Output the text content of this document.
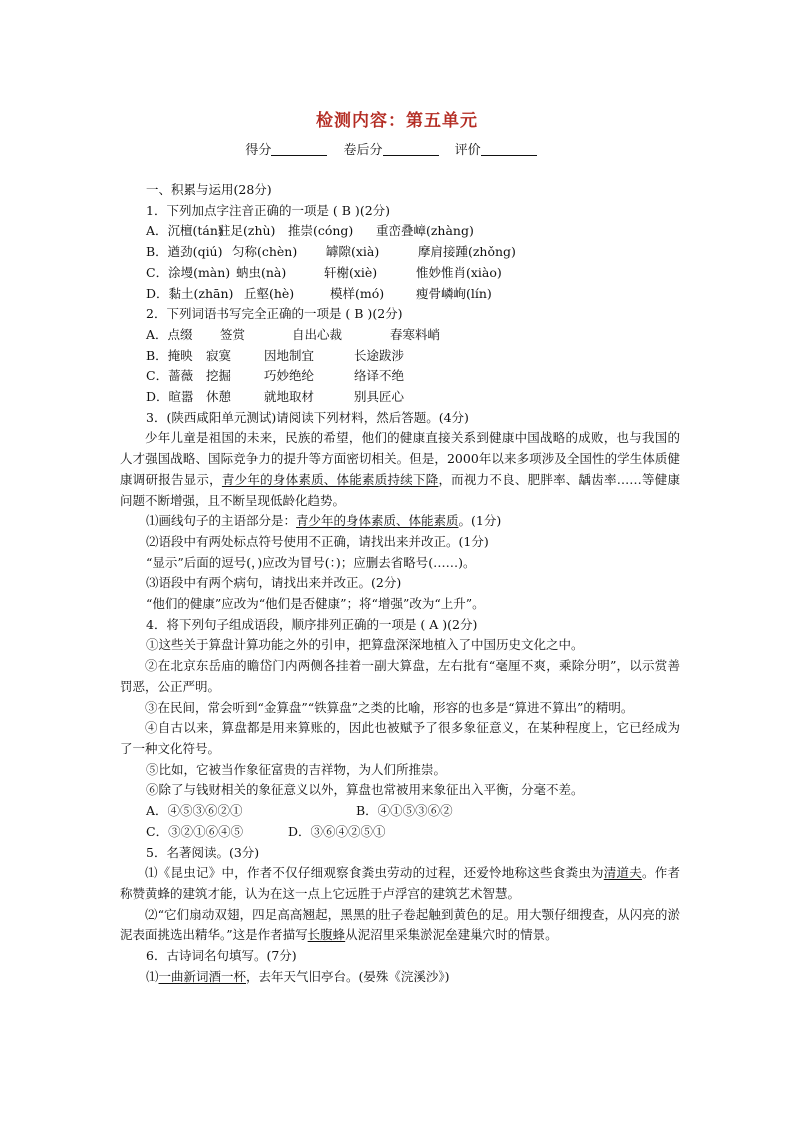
检测内容：第五单元
得分	卷后分	评价
一、积累与运用(28分)
1．下列加点字注音正确的一项是 ( B )(2分)
A．沉檀(tán) 驻足(zhù) 推崇(cóng) 重峦叠嶂(zhàng)
B．遒劲(qiú) 匀称(chèn) 罅隙(xià)	摩肩接踵(zhǒng)
C．涂墁(màn) 蚋虫(nà)	轩榭(xiè)	惟妙惟肖(xiào)
D．黏土(zhān) 丘壑(hè)	模样(mó)	瘦骨嶙峋(lín)
2．下列词语书写完全正确的一项是 ( B )(2分)
A．点缀 签赏	自出心裁	春寒料峭
B．掩映 寂寞	因地制宜	长途跋涉
C．蔷薇 挖掘	巧妙绝纶	络译不绝
D．暄嚣 休憩	就地取材	别具匠心
3．(陕西咸阳单元测试)请阅读下列材料，然后答题。(4分)
少年儿童是祖国的未来，民族的希望，他们的健康直接关系到健康中国战略的成败，也与我国的人才强国战略、国际竞争力的提升等方面密切相关。但是，2000年以来多项涉及全国性的学生体质健康调研报告显示，青少年的身体素质、体能素质持续下降，而视力不良、肥胖率、龋齿率……等健康问题不断增强，且不断呈现低龄化趋势。
⑴画线句子的主语部分是：青少年的身体素质、体能素质。(1分)
⑵语段中有两处标点符号使用不正确，请找出来并改正。(1分)
“显示”后面的逗号(，)应改为冒号(：)；应删去省略号(……)。
⑶语段中有两个病句，请找出来并改正。(2分)
“他们的健康”应改为“他们是否健康”；将“增强”改为“上升”。
4．将下列句子组成语段，顺序排列正确的一项是 ( A )(2分)
①这些关于算盘计算功能之外的引申，把算盘深深地植入了中国历史文化之中。
②在北京东岳庙的瞻岱门内两侧各挂着一副大算盘，左右批有“毫厘不爽，乘除分明”，以示赏善罚恶，公正严明。
③在民间，常会听到“金算盘”“铁算盘”之类的比喻，形容的也多是“算进不算出”的精明。
④自古以来，算盘都是用来算账的，因此也被赋予了很多象征意义，在某种程度上，它已经成为了一种文化符号。
⑤比如，它被当作象征富贵的吉祥物，为人们所推崇。
⑥除了与钱财相关的象征意义以外，算盘也常被用来象征出入平衡，分毫不差。
A．④⑤③⑥②①	B．④①⑤③⑥②
C．③②①⑥④⑤	D．③⑥④②⑤①
5．名著阅读。(3分)
⑴《昆虫记》中，作者不仅仔细观察食粪虫劳动的过程，还爱怜地称这些食粪虫为清道夫。作者称赞黄蜂的建筑才能，认为在这一点上它远胜于卢浮宫的建筑艺术智慧。
⑵“它们扇动双翅，四足高高翘起，黑黑的肚子卷起触到黄色的足。用大颚仔细搜查，从闪亮的淤泥表面挑选出精华。”这是作者描写长腹蜂从泥沼里采集淤泥垒建巢穴时的情景。
6．古诗词名句填写。(7分)
⑴一曲新词酒一杯，去年天气旧亭台。(晏殊《浣溪沙》)
